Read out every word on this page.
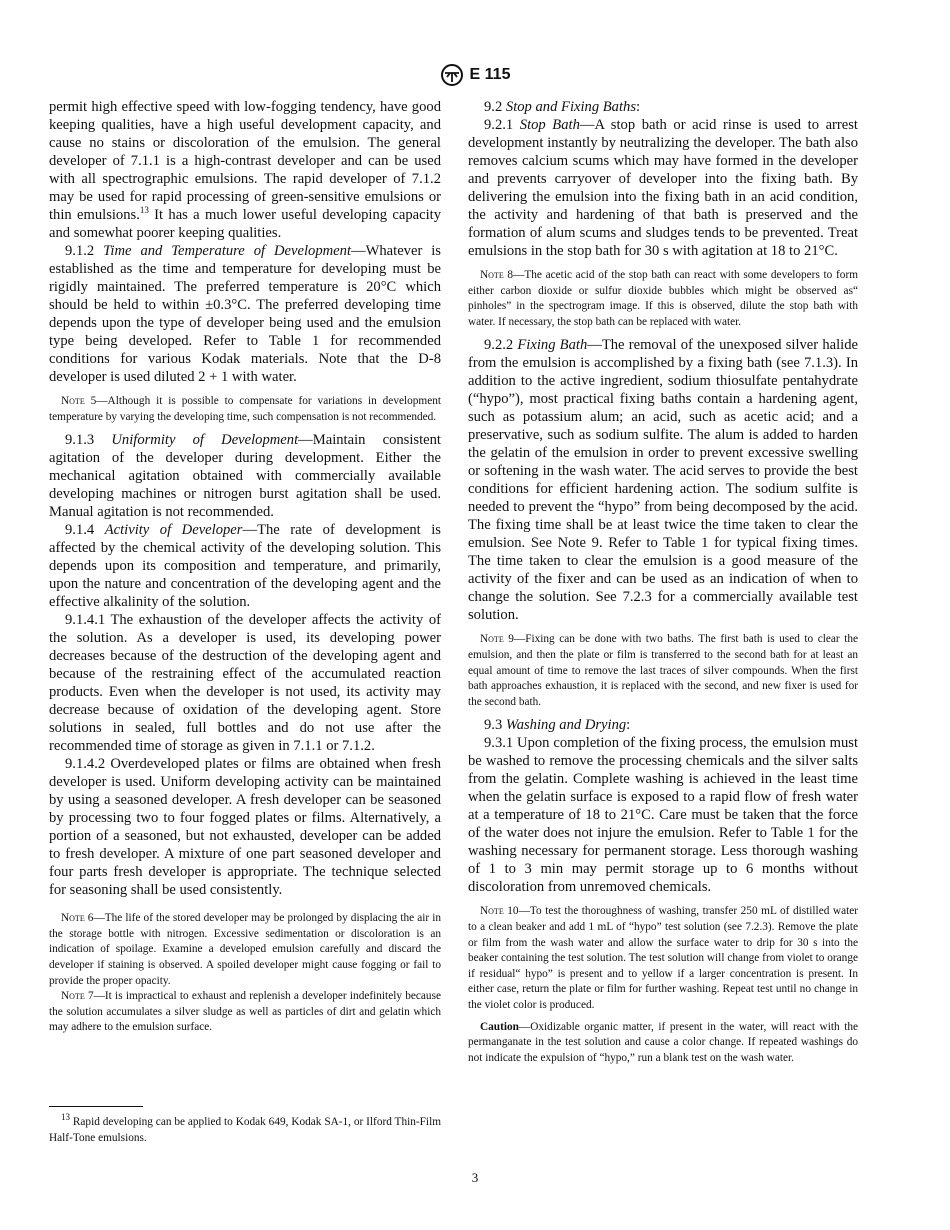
E 115

permit high effective speed with low-fogging tendency, have good keeping qualities, have a high useful development capacity, and cause no stains or discoloration of the emulsion. The general developer of 7.1.1 is a high-contrast developer and can be used with all spectrographic emulsions. The rapid developer of 7.1.2 may be used for rapid processing of green-sensitive emulsions or thin emulsions.$^{13}$ It has a much lower useful developing capacity and somewhat poorer keeping qualities.

9.1.2 Time and Temperature of Development—Whatever is established as the time and temperature for developing must be rigidly maintained. The preferred temperature is 20°C which should be held to within ±0.3°C. The preferred developing time depends upon the type of developer being used and the emulsion type being developed. Refer to Table 1 for recommended conditions for various Kodak materials. Note that the D-8 developer is used diluted 2 + 1 with water.

Note 5—Although it is possible to compensate for variations in development temperature by varying the developing time, such compensation is not recommended.

9.1.3 Uniformity of Development—Maintain consistent agitation of the developer during development. Either the mechanical agitation obtained with commercially available developing machines or nitrogen burst agitation shall be used. Manual agitation is not recommended.

9.1.4 Activity of Developer—The rate of development is affected by the chemical activity of the developing solution. This depends upon its composition and temperature, and primarily, upon the nature and concentration of the developing agent and the effective alkalinity of the solution.

9.1.4.1 The exhaustion of the developer affects the activity of the solution. As a developer is used, its developing power decreases because of the destruction of the developing agent and because of the restraining effect of the accumulated reaction products. Even when the developer is not used, its activity may decrease because of oxidation of the developing agent. Store solutions in sealed, full bottles and do not use after the recommended time of storage as given in 7.1.1 or 7.1.2.

9.1.4.2 Overdeveloped plates or films are obtained when fresh developer is used. Uniform developing activity can be maintained by using a seasoned developer. A fresh developer can be seasoned by processing two to four fogged plates or films. Alternatively, a portion of a seasoned, but not exhausted, developer can be added to fresh developer. A mixture of one part seasoned developer and four parts fresh developer is appropriate. The technique selected for seasoning shall be used consistently.

Note 6—The life of the stored developer may be prolonged by displacing the air in the storage bottle with nitrogen. Excessive sedimentation or discoloration is an indication of spoilage. Examine a developed emulsion carefully and discard the developer if staining is observed. A spoiled developer might cause fogging or fail to provide the proper opacity.
Note 7—It is impractical to exhaust and replenish a developer indefinitely because the solution accumulates a silver sludge as well as particles of dirt and gelatin which may adhere to the emulsion surface.
$^{13}$ Rapid developing can be applied to Kodak 649, Kodak SA-1, or Ilford Thin-Film Half-Tone emulsions.

9.2 Stop and Fixing Baths:

9.2.1 Stop Bath—A stop bath or acid rinse is used to arrest development instantly by neutralizing the developer. The bath also removes calcium scums which may have formed in the developer and prevents carryover of developer into the fixing bath. By delivering the emulsion into the fixing bath in an acid condition, the activity and hardening of that bath is preserved and the formation of alum scums and sludges tends to be prevented. Treat emulsions in the stop bath for 30 s with agitation at 18 to 21°C.

Note 8—The acetic acid of the stop bath can react with some developers to form either carbon dioxide or sulfur dioxide bubbles which might be observed as“ pinholes” in the spectrogram image. If this is observed, dilute the stop bath with water. If necessary, the stop bath can be replaced with water.

9.2.2 Fixing Bath—The removal of the unexposed silver halide from the emulsion is accomplished by a fixing bath (see 7.1.3). In addition to the active ingredient, sodium thiosulfate pentahydrate (“hypo”), most practical fixing baths contain a hardening agent, such as potassium alum; an acid, such as acetic acid; and a preservative, such as sodium sulfite. The alum is added to harden the gelatin of the emulsion in order to prevent excessive swelling or softening in the wash water. The acid serves to provide the best conditions for efficient hardening action. The sodium sulfite is needed to prevent the “hypo” from being decomposed by the acid. The fixing time shall be at least twice the time taken to clear the emulsion. See Note 9. Refer to Table 1 for typical fixing times. The time taken to clear the emulsion is a good measure of the activity of the fixer and can be used as an indication of when to change the solution. See 7.2.3 for a commercially available test solution.

Note 9—Fixing can be done with two baths. The first bath is used to clear the emulsion, and then the plate or film is transferred to the second bath for at least an equal amount of time to remove the last traces of silver compounds. When the first bath approaches exhaustion, it is replaced with the second, and new fixer is used for the second bath.

9.3 Washing and Drying:

9.3.1 Upon completion of the fixing process, the emulsion must be washed to remove the processing chemicals and the silver salts from the gelatin. Complete washing is achieved in the least time when the gelatin surface is exposed to a rapid flow of fresh water at a temperature of 18 to 21°C. Care must be taken that the force of the water does not injure the emulsion. Refer to Table 1 for the washing necessary for permanent storage. Less thorough washing of 1 to 3 min may permit storage up to 6 months without discoloration from unremoved chemicals.

Note 10—To test the thoroughness of washing, transfer 250 mL of distilled water to a clean beaker and add 1 mL of “hypo” test solution (see 7.2.3). Remove the plate or film from the wash water and allow the surface water to drip for 30 s into the beaker containing the test solution. The test solution will change from violet to orange if residual“ hypo” is present and to yellow if a larger concentration is present. In either case, return the plate or film for further washing. Repeat test until no change in the violet color is produced.
Caution—Oxidizable organic matter, if present in the water, will react with the permanganate in the test solution and cause a color change. If repeated washings do not indicate the expulsion of “hypo,” run a blank test on the wash water.
3
